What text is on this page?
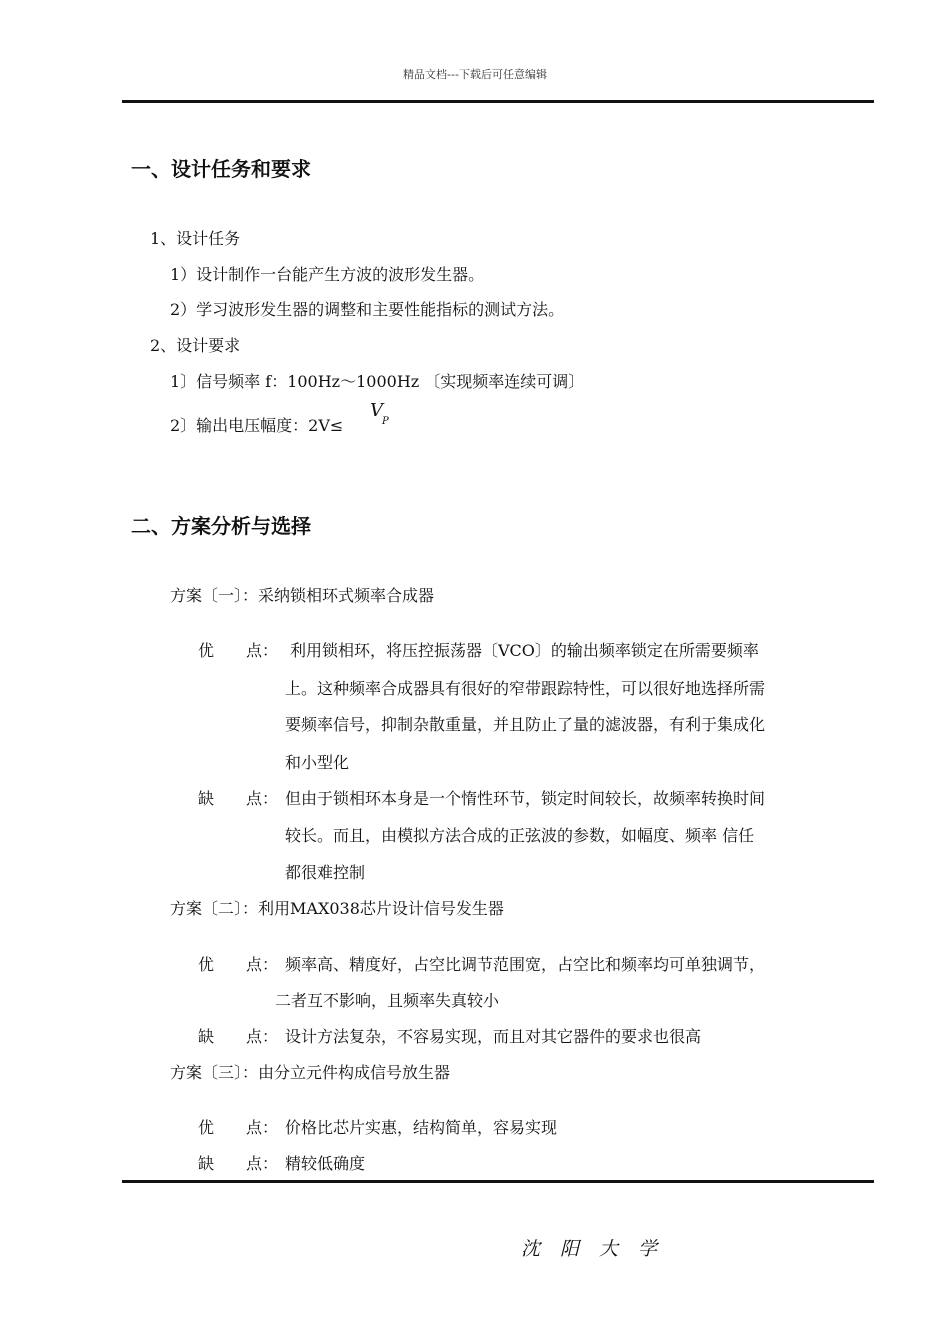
精品文档---下载后可任意编辑
一、设计任务和要求
1、设计任务
1）设计制作一台能产生方波的波形发生器。
2）学习波形发生器的调整和主要性能指标的测试方法。
2、设计要求
1〕信号频率 f：100Hz～1000Hz 〔实现频率连续可调〕
2〕输出电压幅度：2V≤
V
P
二、方案分析与选择
方案〔一〕：采纳锁相环式频率合成器
优　　点： 利用锁相环，将压控振荡器〔VCO〕的输出频率锁定在所需要频率
上。这种频率合成器具有很好的窄带跟踪特性，可以很好地选择所需
要频率信号，抑制杂散重量，并且防止了量的滤波器，有利于集成化
和小型化
缺　　点： 但由于锁相环本身是一个惰性环节，锁定时间较长，故频率转换时间
较长。而且，由模拟方法合成的正弦波的参数，如幅度、频率 信任
都很难控制
方案〔二〕：利用MAX038芯片设计信号发生器
优　　点： 频率高、精度好，占空比调节范围宽，占空比和频率均可单独调节，
二者互不影响，且频率失真较小
缺　　点： 设计方法复杂，不容易实现，而且对其它器件的要求也很高
方案〔三〕：由分立元件构成信号放生器
优　　点： 价格比芯片实惠，结构简单，容易实现
缺　　点： 精较低确度
沈阳大学
